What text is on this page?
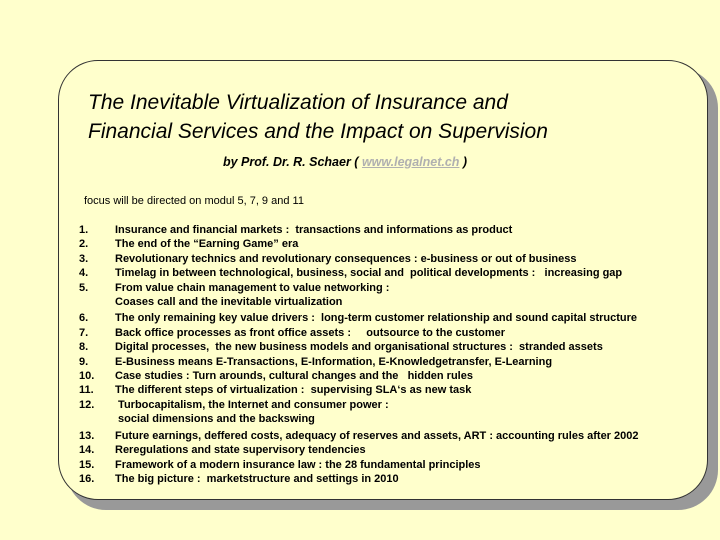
The Inevitable Virtualization of Insurance and
Financial Services and the Impact on Supervision
by Prof. Dr. R. Schaer ( www.legalnet.ch )
focus will be directed on modul 5, 7, 9 and 11
1.	Insurance and financial markets :  transactions and informations as product
2.	The end of the “Earning Game” era
3.	Revolutionary technics and revolutionary consequences : e-business or out of business
4.	Timelag in between technological, business, social and  political developments :   increasing gap
5.	From value chain management to value networking :
Coases call and the inevitable virtualization
6.	The only remaining key value drivers :  long-term customer relationship and sound capital structure
7.	Back office processes as front office assets :     outsource to the customer
8.	Digital processes,  the new business models and organisational structures :  stranded assets
9.	E-Business means E-Transactions, E-Information, E-Knowledgetransfer, E-Learning
10.	Case studies : Turn arounds, cultural changes and the   hidden rules
11.	The different steps of virtualization :  supervising SLA‘s as new task
12.	Turbocapitalism, the Internet and consumer power :
social dimensions and the backswing
13.	Future earnings, deffered costs, adequacy of reserves and assets, ART : accounting rules after 2002
14.	Reregulations and state supervisory tendencies
15.	Framework of a modern insurance law : the 28 fundamental principles
16.	The big picture :  marketstructure and settings in 2010
